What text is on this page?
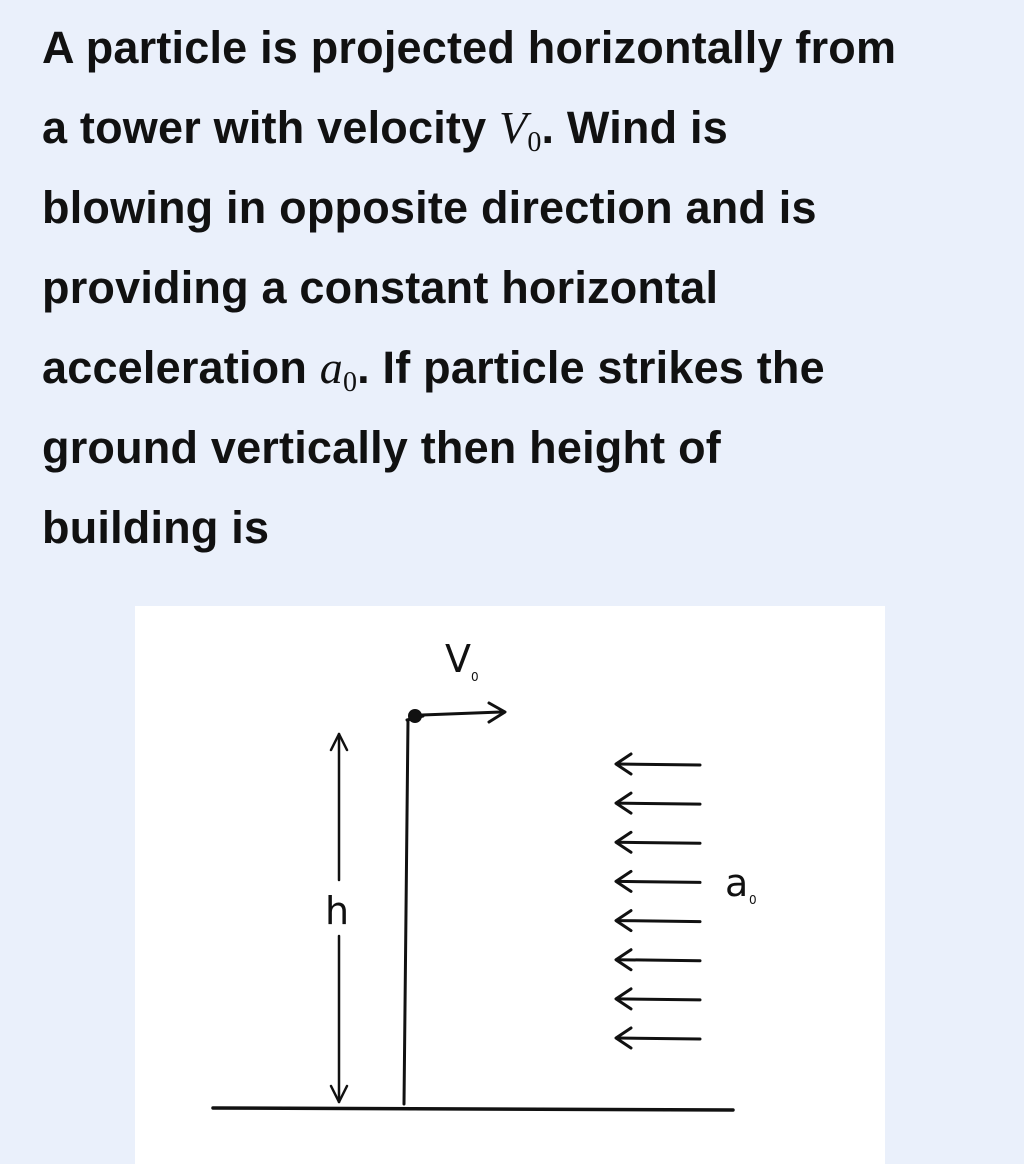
A particle is projected horizontally from
a tower with velocity $V_0$. Wind is
blowing in opposite direction and is
providing a constant horizontal
acceleration $a_0$. If particle strikes the
ground vertically then height of
building is
V 0
h
a 0
